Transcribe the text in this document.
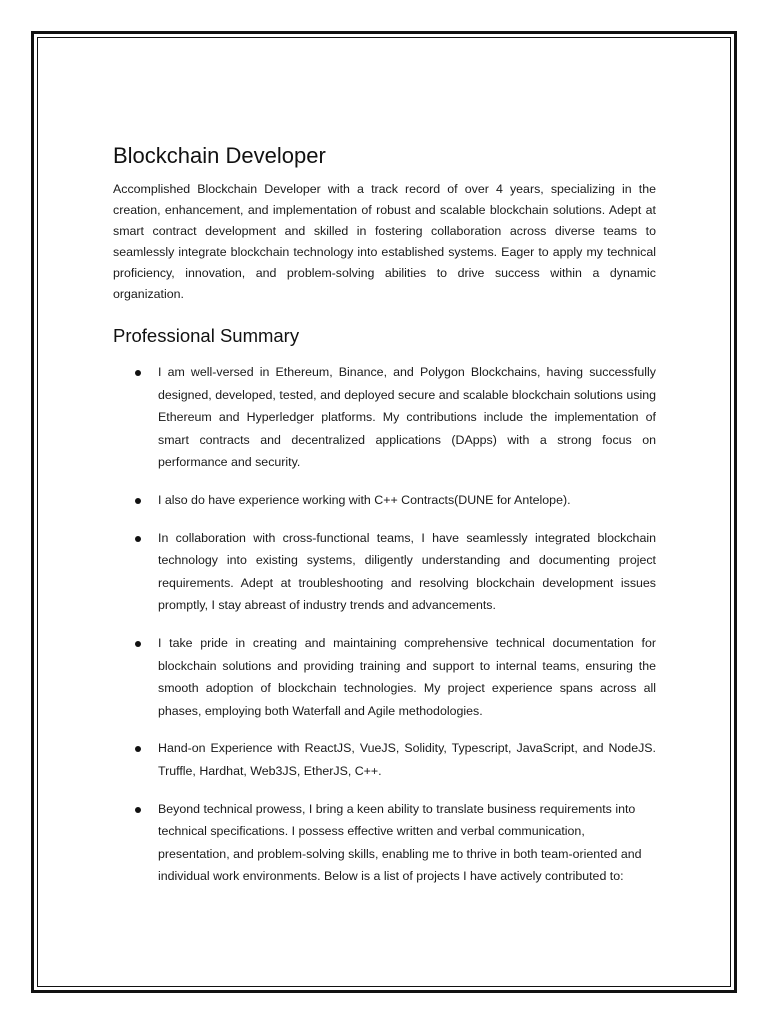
Blockchain Developer

Accomplished Blockchain Developer with a track record of over 4 years, specializing in the creation, enhancement, and implementation of robust and scalable blockchain solutions. Adept at smart contract development and skilled in fostering collaboration across diverse teams to seamlessly integrate blockchain technology into established systems. Eager to apply my technical proficiency, innovation, and problem-solving abilities to drive success within a dynamic organization.

Professional Summary
I am well-versed in Ethereum, Binance, and Polygon Blockchains, having successfully designed, developed, tested, and deployed secure and scalable blockchain solutions using Ethereum and Hyperledger platforms. My contributions include the implementation of smart contracts and decentralized applications (DApps) with a strong focus on performance and security.
I also do have experience working with C++ Contracts(DUNE for Antelope).
In collaboration with cross-functional teams, I have seamlessly integrated blockchain technology into existing systems, diligently understanding and documenting project requirements. Adept at troubleshooting and resolving blockchain development issues promptly, I stay abreast of industry trends and advancements.
I take pride in creating and maintaining comprehensive technical documentation for blockchain solutions and providing training and support to internal teams, ensuring the smooth adoption of blockchain technologies. My project experience spans across all phases, employing both Waterfall and Agile methodologies.
Hand-on Experience with ReactJS, VueJS, Solidity, Typescript, JavaScript, and NodeJS. Truffle, Hardhat, Web3JS, EtherJS, C++.
Beyond technical prowess, I bring a keen ability to translate business requirements into technical specifications. I possess effective written and verbal communication, presentation, and problem-solving skills, enabling me to thrive in both team-oriented and individual work environments. Below is a list of projects I have actively contributed to:
